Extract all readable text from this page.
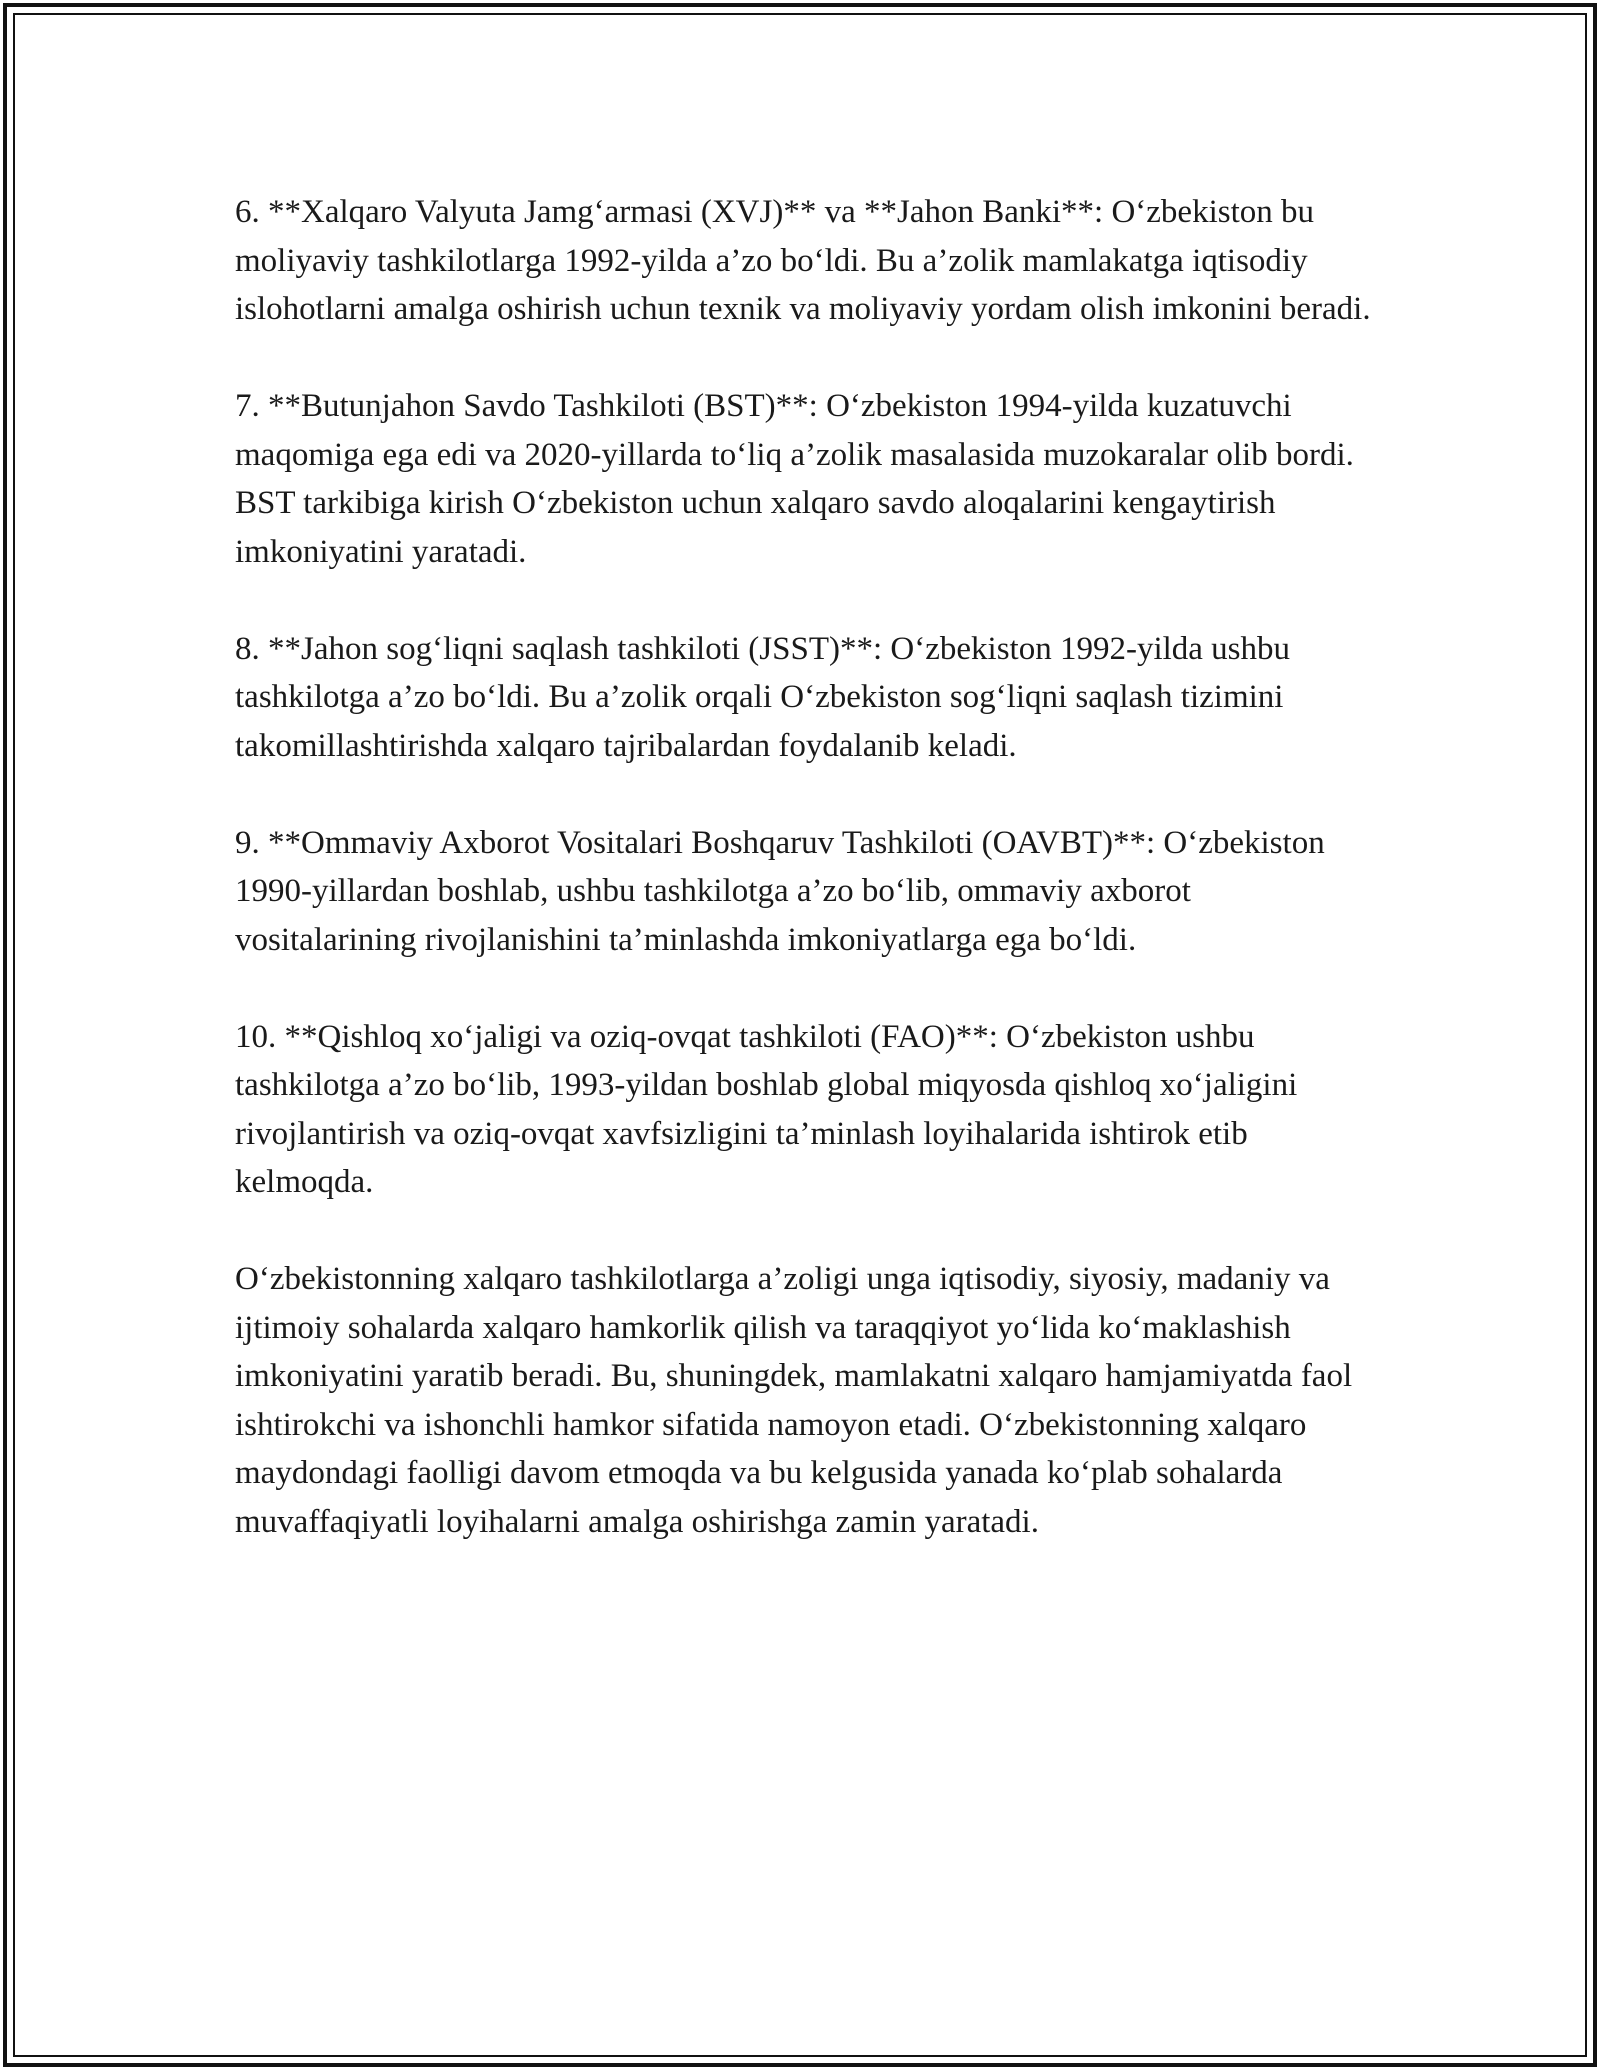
6. **Xalqaro Valyuta Jamg‘armasi (XVJ)** va **Jahon Banki**: O‘zbekiston bu moliyaviy tashkilotlarga 1992-yilda a’zo bo‘ldi. Bu a’zolik mamlakatga iqtisodiy islohotlarni amalga oshirish uchun texnik va moliyaviy yordam olish imkonini beradi.

7. **Butunjahon Savdo Tashkiloti (BST)**: O‘zbekiston 1994-yilda kuzatuvchi maqomiga ega edi va 2020-yillarda to‘liq a’zolik masalasida muzokaralar olib bordi. BST tarkibiga kirish O‘zbekiston uchun xalqaro savdo aloqalarini kengaytirish imkoniyatini yaratadi.

8. **Jahon sog‘liqni saqlash tashkiloti (JSST)**: O‘zbekiston 1992-yilda ushbu tashkilotga a’zo bo‘ldi. Bu a’zolik orqali O‘zbekiston sog‘liqni saqlash tizimini takomillashtirishda xalqaro tajribalardan foydalanib keladi.

9. **Ommaviy Axborot Vositalari Boshqaruv Tashkiloti (OAVBT)**: O‘zbekiston 1990-yillardan boshlab, ushbu tashkilotga a’zo bo‘lib, ommaviy axborot vositalarining rivojlanishini ta’minlashda imkoniyatlarga ega bo‘ldi.

10. **Qishloq xo‘jaligi va oziq-ovqat tashkiloti (FAO)**: O‘zbekiston ushbu tashkilotga a’zo bo‘lib, 1993-yildan boshlab global miqyosda qishloq xo‘jaligini rivojlantirish va oziq-ovqat xavfsizligini ta’minlash loyihalarida ishtirok etib kelmoqda.

O‘zbekistonning xalqaro tashkilotlarga a’zoligi unga iqtisodiy, siyosiy, madaniy va ijtimoiy sohalarda xalqaro hamkorlik qilish va taraqqiyot yo‘lida ko‘maklashish imkoniyatini yaratib beradi. Bu, shuningdek, mamlakatni xalqaro hamjamiyatda faol ishtirokchi va ishonchli hamkor sifatida namoyon etadi. O‘zbekistonning xalqaro maydondagi faolligi davom etmoqda va bu kelgusida yanada ko‘plab sohalarda muvaffaqiyatli loyihalarni amalga oshirishga zamin yaratadi.
